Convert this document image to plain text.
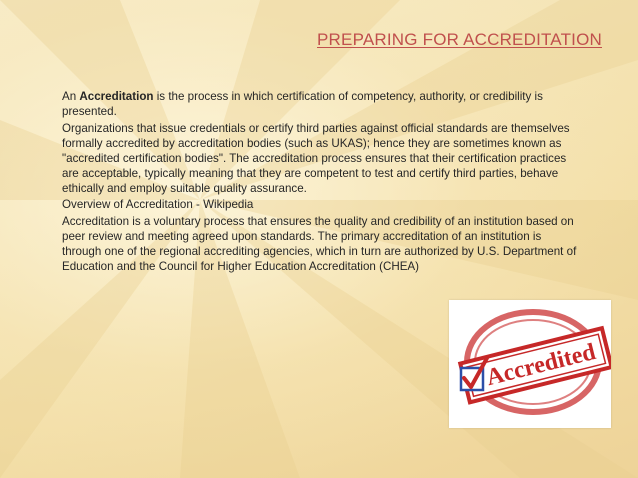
PREPARING FOR ACCREDITATION

An Accreditation is the process in which certification of competency, authority, or credibility is presented.

Organizations that issue credentials or certify third parties against official standards are themselves formally accredited by accreditation bodies (such as UKAS); hence they are sometimes known as "accredited certification bodies". The accreditation process ensures that their certification practices are acceptable, typically meaning that they are competent to test and certify third parties, behave ethically and employ suitable quality assurance.

Overview of Accreditation - Wikipedia

Accreditation is a voluntary process that ensures the quality and credibility of an institution based on peer review and meeting agreed upon standards. The primary accreditation of an institution is through one of the regional accrediting agencies, which in turn are authorized by U.S. Department of Education and the Council for Higher Education Accreditation (CHEA)

Accredited
